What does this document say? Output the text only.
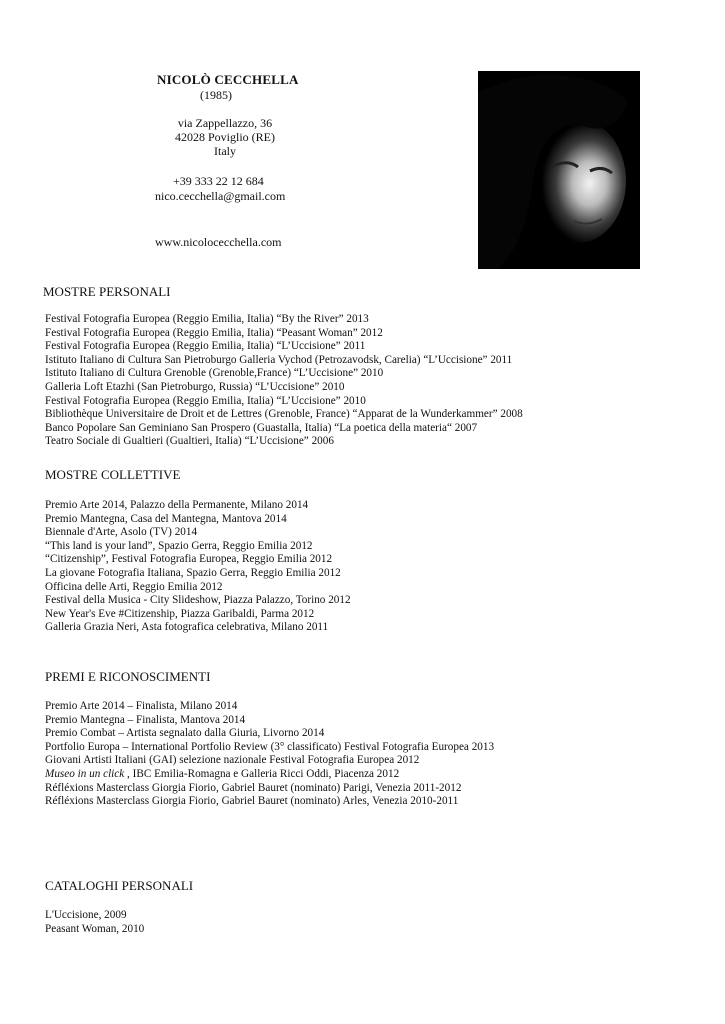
NICOLÒ CECCHELLA
(1985)
via Zappellazzo, 36
42028 Poviglio (RE)
Italy
+39 333 22 12 684
nico.cecchella@gmail.com
www.nicolocecchella.com
MOSTRE PERSONALI
Festival Fotografia Europea (Reggio Emilia, Italia) “By the River” 2013
Festival Fotografia Europea (Reggio Emilia, Italia) “Peasant Woman” 2012
Festival Fotografia Europea (Reggio Emilia, Italia) “L’Uccisione” 2011
Istituto Italiano di Cultura San Pietroburgo Galleria Vychod (Petrozavodsk, Carelia) “L’Uccisione” 2011
Istituto Italiano di Cultura Grenoble (Grenoble,France) “L’Uccisione” 2010
Galleria Loft Etazhi (San Pietroburgo, Russia) “L’Uccisione” 2010
Festival Fotografia Europea (Reggio Emilia, Italia) “L’Uccisione” 2010
Bibliothèque Universitaire de Droit et de Lettres (Grenoble, France) “Apparat de la Wunderkammer” 2008
Banco Popolare San Geminiano San Prospero (Guastalla, Italia) “La poetica della materia“ 2007
Teatro Sociale di Gualtieri (Gualtieri, Italia) “L’Uccisione” 2006
MOSTRE COLLETTIVE
Premio Arte 2014, Palazzo della Permanente, Milano 2014
Premio Mantegna, Casa del Mantegna, Mantova 2014
Biennale d'Arte, Asolo (TV) 2014
“This land is your land”, Spazio Gerra, Reggio Emilia 2012
“Citizenship”, Festival Fotografia Europea, Reggio Emilia 2012
La giovane Fotografia Italiana, Spazio Gerra, Reggio Emilia 2012
Officina delle Arti, Reggio Emilia 2012
Festival della Musica - City Slideshow, Piazza Palazzo, Torino 2012
New Year's Eve #Citizenship, Piazza Garibaldi, Parma 2012
Galleria Grazia Neri, Asta fotografica celebrativa, Milano 2011
PREMI E RICONOSCIMENTI
Premio Arte 2014 – Finalista, Milano 2014
Premio Mantegna – Finalista, Mantova 2014
Premio Combat – Artista segnalato dalla Giuria, Livorno 2014
Portfolio Europa – International Portfolio Review (3° classificato) Festival Fotografia Europea 2013
Giovani Artisti Italiani (GAI) selezione nazionale Festival Fotografia Europea 2012
Museo in un click , IBC Emilia-Romagna e Galleria Ricci Oddi, Piacenza 2012
Réfléxions Masterclass Giorgia Fiorio, Gabriel Bauret (nominato) Parigi, Venezia 2011-2012
Réfléxions Masterclass Giorgia Fiorio, Gabriel Bauret (nominato) Arles, Venezia 2010-2011
CATALOGHI PERSONALI
L'Uccisione, 2009
Peasant Woman, 2010
